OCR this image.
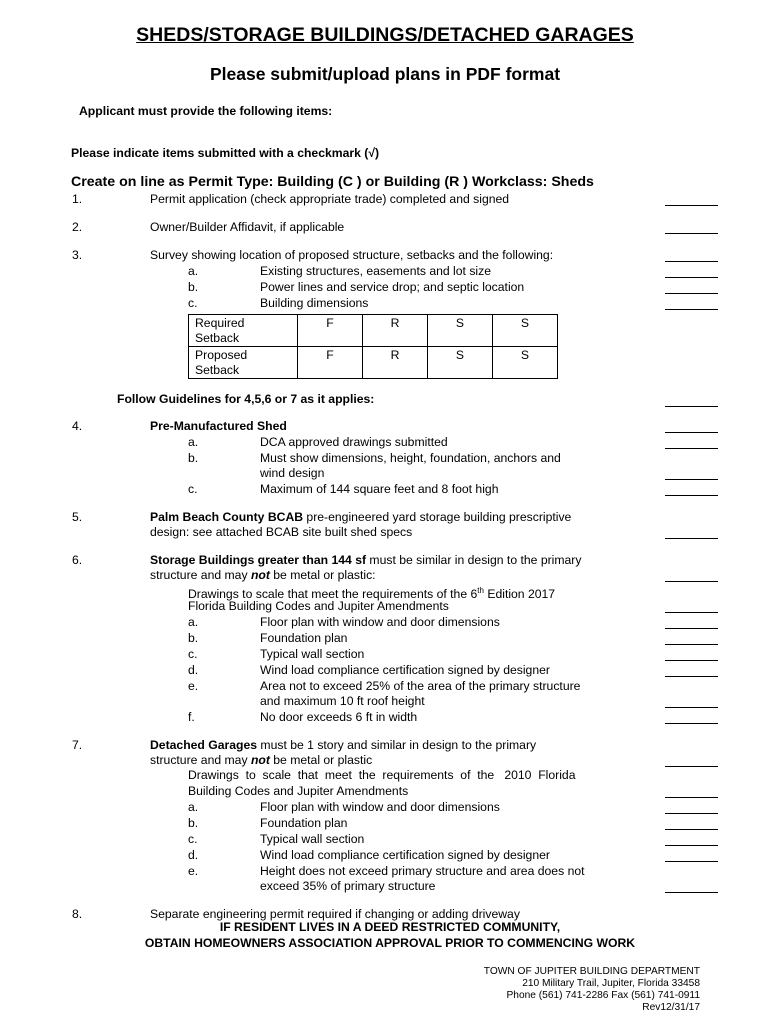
SHEDS/STORAGE BUILDINGS/DETACHED GARAGES
Please submit/upload plans in PDF format
Applicant must provide the following items:
Please indicate items submitted with a checkmark (√)
Create on line as Permit Type: Building (C ) or Building (R ) Workclass: Sheds
1.	Permit application (check appropriate trade) completed and signed
2.	Owner/Builder Affidavit, if applicable
3.	Survey showing location of proposed structure, setbacks and the following:
a.	Existing structures, easements and lot size
b.	Power lines and service drop; and septic location
c.	Building dimensions
Required
Setback	F	R	S	S
Proposed
Setback	F	R	S	S
Follow Guidelines for 4,5,6 or 7 as it applies:
4.	Pre-Manufactured Shed
a.	DCA approved drawings submitted
b.	Must show dimensions, height, foundation, anchors and
wind design
c.	Maximum of 144 square feet and 8 foot high
5.	Palm Beach County BCAB pre-engineered yard storage building prescriptive
design: see attached BCAB site built shed specs
6.	Storage Buildings greater than 144 sf must be similar in design to the primary
structure and may not be metal or plastic:
Drawings to scale that meet the requirements of the 6th Edition 2017
Florida Building Codes and Jupiter Amendments
a.	Floor plan with window and door dimensions
b.	Foundation plan
c.	Typical wall section
d.	Wind load compliance certification signed by designer
e.	Area not to exceed 25% of the area of the primary structure
and maximum 10 ft roof height
f.	No door exceeds 6 ft in width
7.	Detached Garages must be 1 story and similar in design to the primary
structure and may not be metal or plastic
Drawings  to  scale  that  meet  the  requirements  of  the   2010  Florida
Building Codes and Jupiter Amendments
a.	Floor plan with window and door dimensions
b.	Foundation plan
c.	Typical wall section
d.	Wind load compliance certification signed by designer
e.	Height does not exceed primary structure and area does not
exceed 35% of primary structure
8.	Separate engineering permit required if changing or adding driveway
IF RESIDENT LIVES IN A DEED RESTRICTED COMMUNITY,
OBTAIN HOMEOWNERS ASSOCIATION APPROVAL PRIOR TO COMMENCING WORK
TOWN OF JUPITER BUILDING DEPARTMENT
210 Military Trail, Jupiter, Florida 33458
Phone (561) 741-2286 Fax (561) 741-0911
Rev12/31/17
